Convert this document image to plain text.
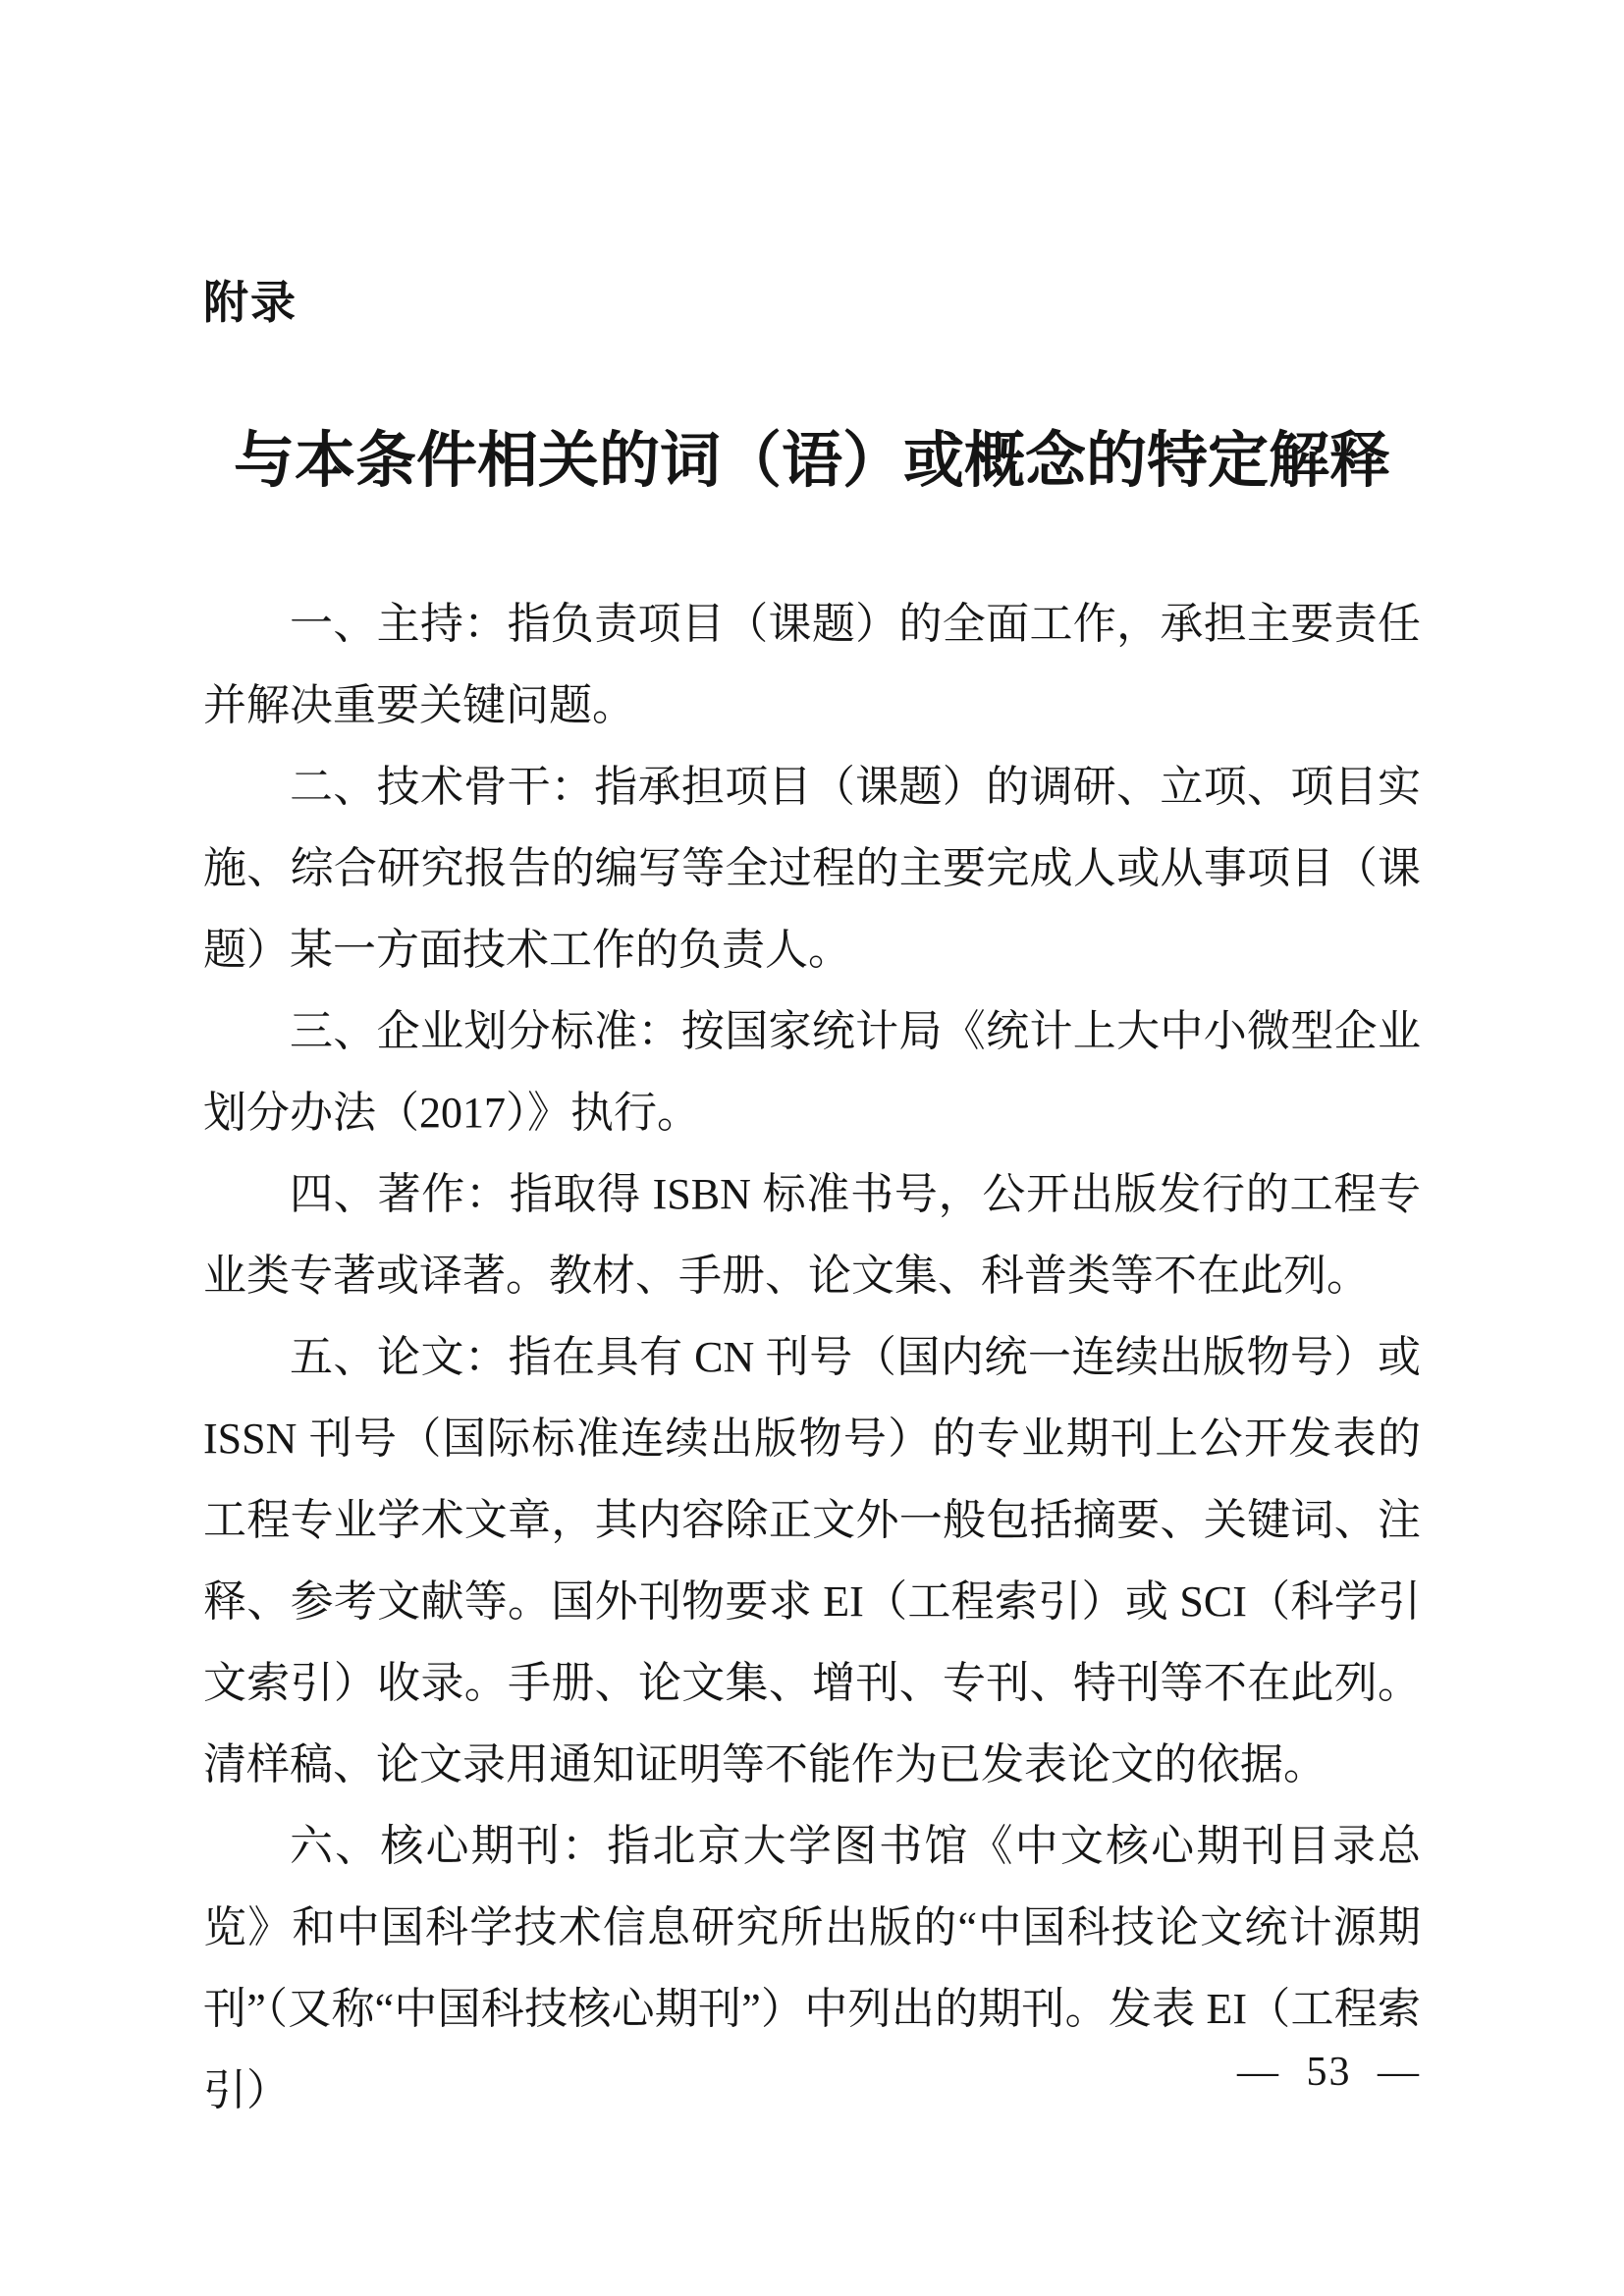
附录
与本条件相关的词（语）或概念的特定解释

一、主持：指负责项目（课题）的全面工作，承担主要责任并解决重要关键问题。

二、技术骨干：指承担项目（课题）的调研、立项、项目实施、综合研究报告的编写等全过程的主要完成人或从事项目（课题）某一方面技术工作的负责人。

三、企业划分标准：按国家统计局《统计上大中小微型企业划分办法（2017）》执行。

四、著作：指取得 ISBN 标准书号，公开出版发行的工程专业类专著或译著。教材、手册、论文集、科普类等不在此列。

五、论文：指在具有 CN 刊号（国内统一连续出版物号）或 ISSN 刊号（国际标准连续出版物号）的专业期刊上公开发表的工程专业学术文章，其内容除正文外一般包括摘要、关键词、注释、参考文献等。国外刊物要求 EI（工程索引）或 SCI（科学引文索引）收录。手册、论文集、增刊、专刊、特刊等不在此列。清样稿、论文录用通知证明等不能作为已发表论文的依据。

六、核心期刊：指北京大学图书馆《中文核心期刊目录总览》和中国科学技术信息研究所出版的“中国科技论文统计源期刊”（又称“中国科技核心期刊”）中列出的期刊。发表 EI（工程索引）	— 53 —
